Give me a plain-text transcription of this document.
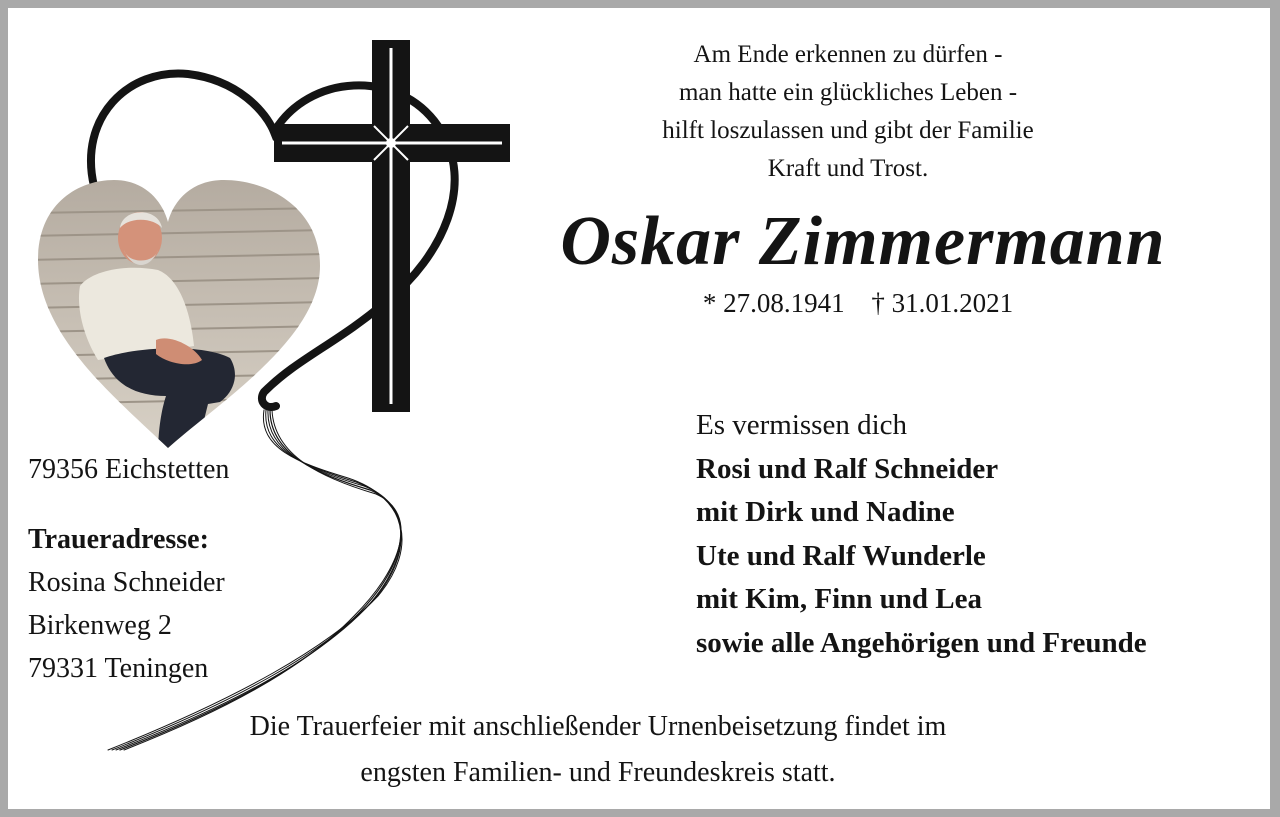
Am Ende erkennen zu dürfen -
man hatte ein glückliches Leben -
hilft loszulassen und gibt der Familie
Kraft und Trost.
Oskar Zimmermann
* 27.08.1941 † 31.01.2021
Es vermissen dich
Rosi und Ralf Schneider
mit Dirk und Nadine
Ute und Ralf Wunderle
mit Kim, Finn und Lea
sowie alle Angehörigen und Freunde
79356 Eichstetten
Traueradresse:
Rosina Schneider
Birkenweg 2
79331 Teningen
Die Trauerfeier mit anschließender Urnenbeisetzung findet im
engsten Familien- und Freundeskreis statt.
